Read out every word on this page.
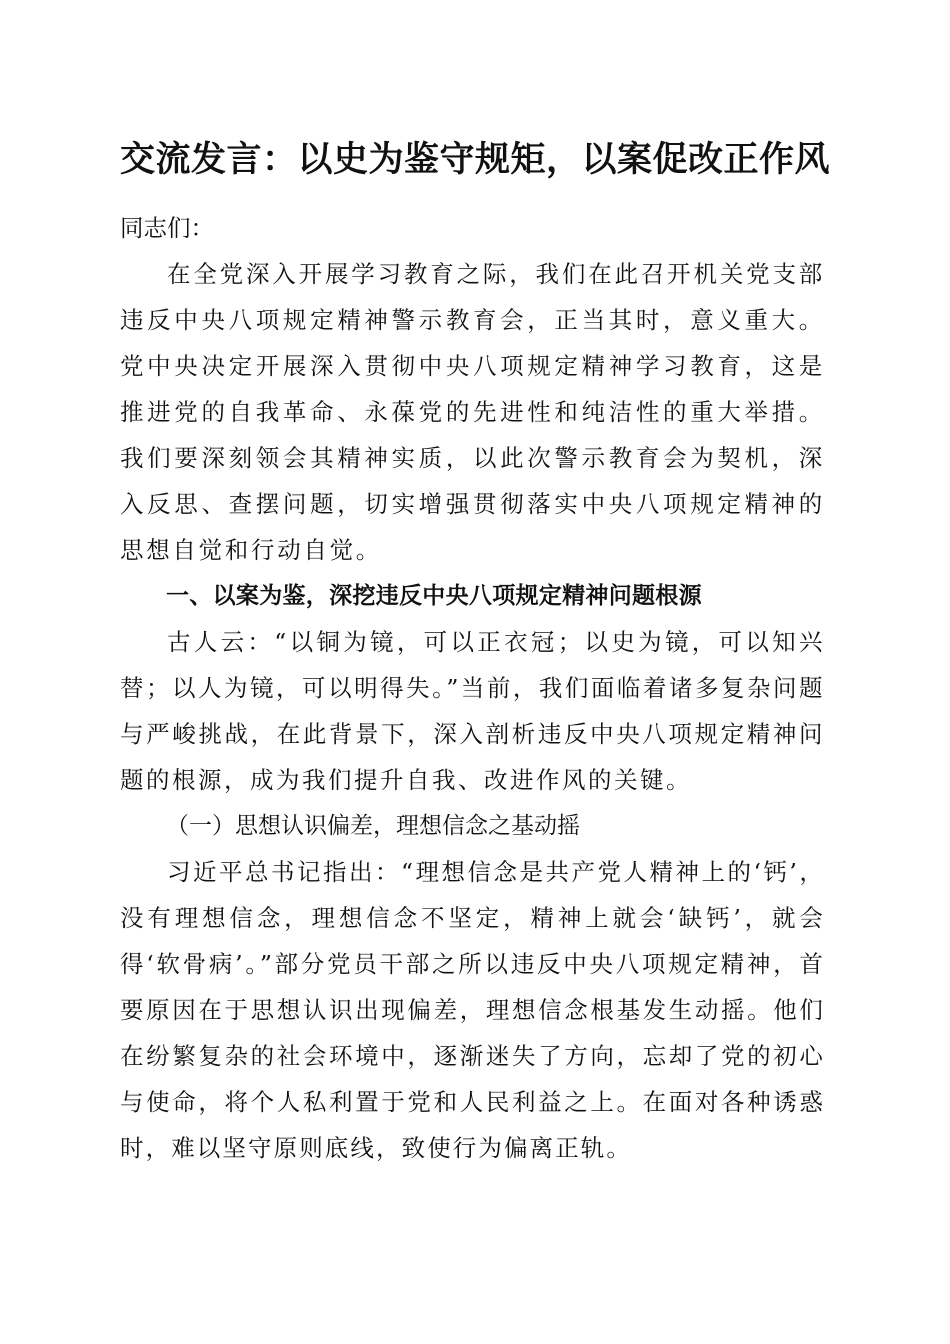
交流发言：以史为鉴守规矩，以案促改正作风

同志们：

在全党深入开展学习教育之际，我们在此召开机关党支部违反中央八项规定精神警示教育会，正当其时，意义重大。党中央决定开展深入贯彻中央八项规定精神学习教育，这是推进党的自我革命、永葆党的先进性和纯洁性的重大举措。我们要深刻领会其精神实质，以此次警示教育会为契机，深入反思、查摆问题，切实增强贯彻落实中央八项规定精神的思想自觉和行动自觉。

一、以案为鉴，深挖违反中央八项规定精神问题根源

古人云：“以铜为镜，可以正衣冠；以史为镜，可以知兴替；以人为镜，可以明得失。”当前，我们面临着诸多复杂问题与严峻挑战，在此背景下，深入剖析违反中央八项规定精神问题的根源，成为我们提升自我、改进作风的关键。

（一）思想认识偏差，理想信念之基动摇

习近平总书记指出：“理想信念是共产党人精神上的‘钙’，没有理想信念，理想信念不坚定，精神上就会‘缺钙’，就会得‘软骨病’。”部分党员干部之所以违反中央八项规定精神，首要原因在于思想认识出现偏差，理想信念根基发生动摇。他们在纷繁复杂的社会环境中，逐渐迷失了方向，忘却了党的初心与使命，将个人私利置于党和人民利益之上。在面对各种诱惑时，难以坚守原则底线，致使行为偏离正轨。
